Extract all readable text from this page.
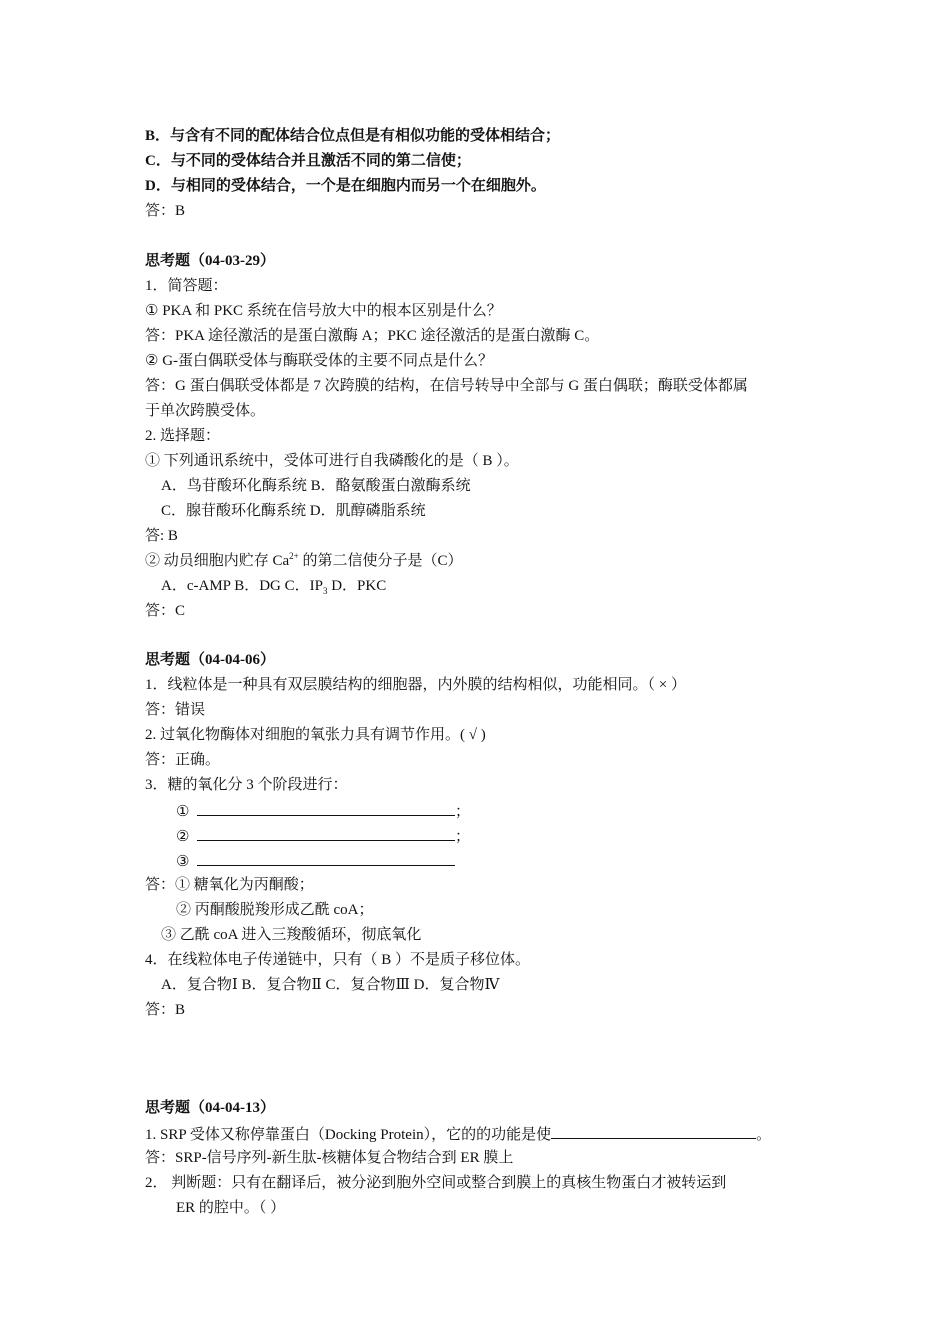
B．与含有不同的配体结合位点但是有相似功能的受体相结合；
C．与不同的受体结合并且激活不同的第二信使；
D．与相同的受体结合，一个是在细胞内而另一个在细胞外。
答：B
思考题（04-03-29）
1．简答题：
① PKA 和 PKC 系统在信号放大中的根本区别是什么？
答：PKA 途径激活的是蛋白激酶 A；PKC 途径激活的是蛋白激酶 C。
② G-蛋白偶联受体与酶联受体的主要不同点是什么？
答：G 蛋白偶联受体都是 7 次跨膜的结构，在信号转导中全部与 G 蛋白偶联；酶联受体都属
于单次跨膜受体。
2. 选择题：
① 下列通讯系统中，受体可进行自我磷酸化的是（ B ）。
A．鸟苷酸环化酶系统 B．酪氨酸蛋白激酶系统
C．腺苷酸环化酶系统 D．肌醇磷脂系统
答: B
② 动员细胞内贮存 $Ca^{2+}$ 的第二信使分子是（C）
A．c-AMP B．DG C．$IP_3$ D．PKC
答：C
思考题（04-04-06）
1．线粒体是一种具有双层膜结构的细胞器，内外膜的结构相似，功能相同。（ × ）
答：错误
2. 过氧化物酶体对细胞的氧张力具有调节作用。( √ )
答：正确。
3．糖的氧化分 3 个阶段进行：
①	；
②	；
③
答：① 糖氧化为丙酮酸；
② 丙酮酸脱羧形成乙酰 coA；
③ 乙酰 coA 进入三羧酸循环，彻底氧化
4．在线粒体电子传递链中，只有（ B ）不是质子移位体。
A．复合物Ⅰ B．复合物Ⅱ C．复合物Ⅲ D．复合物Ⅳ
答：B
思考题（04-04-13）
1. SRP 受体又称停靠蛋白（Docking Protein），它的的功能是使	。
答：SRP-信号序列-新生肽-核糖体复合物结合到 ER 膜上
2． 判断题：只有在翻译后，被分泌到胞外空间或整合到膜上的真核生物蛋白才被转运到
ER 的腔中。（ ）
